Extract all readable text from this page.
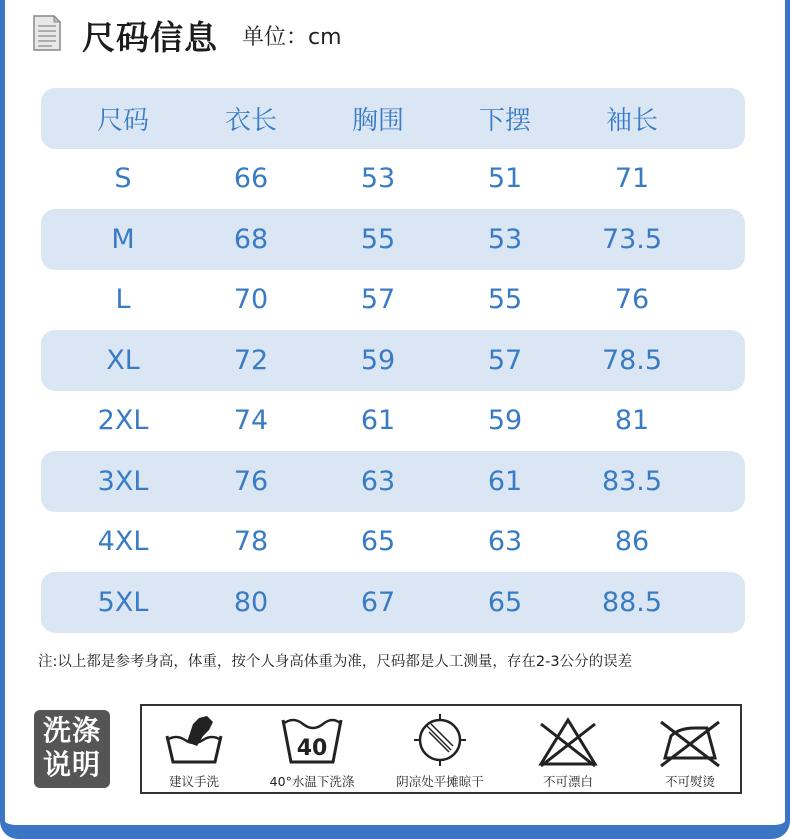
尺码信息 单位：cm
尺码	衣长	胸围	下摆	袖长
S	66	53	51	71
M	68	55	53	73.5
L	70	57	55	76
XL	72	59	57	78.5
2XL	74	61	59	81
3XL	76	63	61	83.5
4XL	78	65	63	86
5XL	80	67	65	88.5
注:以上都是参考身高，体重，按个人身高体重为准，尺码都是人工测量，存在2-3公分的误差
洗涤
说明
建议手洗
40
40°水温下洗涤	阴凉处平摊晾干	不可漂白	不可熨烫
